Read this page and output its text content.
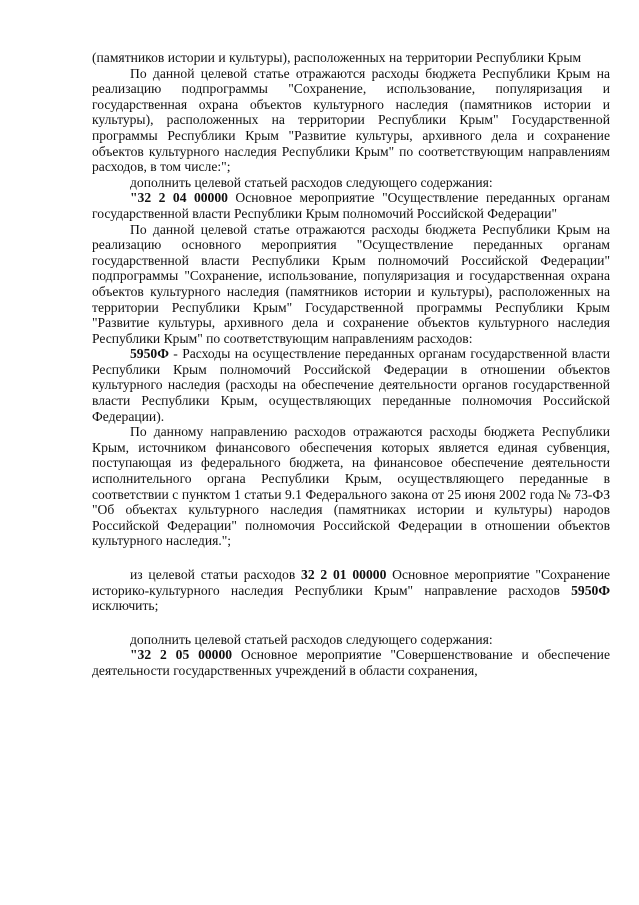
(памятников истории и культуры), расположенных на территории Республики Крым

По данной целевой статье отражаются расходы бюджета Республики Крым на реализацию подпрограммы "Сохранение, использование, популяризация и государственная охрана объектов культурного наследия (памятников истории и культуры), расположенных на территории Республики Крым" Государственной программы Республики Крым "Развитие культуры, архивного дела и сохранение объектов культурного наследия Республики Крым" по соответствующим направлениям расходов, в том числе:";

дополнить целевой статьей расходов следующего содержания:

"32 2 04 00000 Основное мероприятие "Осуществление переданных органам государственной власти Республики Крым полномочий Российской Федерации"

По данной целевой статье отражаются расходы бюджета Республики Крым на реализацию основного мероприятия "Осуществление переданных органам государственной власти Республики Крым полномочий Российской Федерации" подпрограммы "Сохранение, использование, популяризация и государственная охрана объектов культурного наследия (памятников истории и культуры), расположенных на территории Республики Крым" Государственной программы Республики Крым "Развитие культуры, архивного дела и сохранение объектов культурного наследия Республики Крым" по соответствующим направлениям расходов:

5950Ф - Расходы на осуществление переданных органам государственной власти Республики Крым полномочий Российской Федерации в отношении объектов культурного наследия (расходы на обеспечение деятельности органов государственной власти Республики Крым, осуществляющих переданные полномочия Российской Федерации).

По данному направлению расходов отражаются расходы бюджета Республики Крым, источником финансового обеспечения которых является единая субвенция, поступающая из федерального бюджета, на финансовое обеспечение деятельности исполнительного органа Республики Крым, осуществляющего переданные в соответствии с пунктом 1 статьи 9.1 Федерального закона от 25 июня 2002 года № 73-ФЗ "Об объектах культурного наследия (памятниках истории и культуры) народов Российской Федерации" полномочия Российской Федерации в отношении объектов культурного наследия.";

из целевой статьи расходов 32 2 01 00000 Основное мероприятие "Сохранение историко-культурного наследия Республики Крым" направление расходов 5950Ф исключить;

дополнить целевой статьей расходов следующего содержания:

"32 2 05 00000 Основное мероприятие "Совершенствование и обеспечение деятельности государственных учреждений в области сохранения,
